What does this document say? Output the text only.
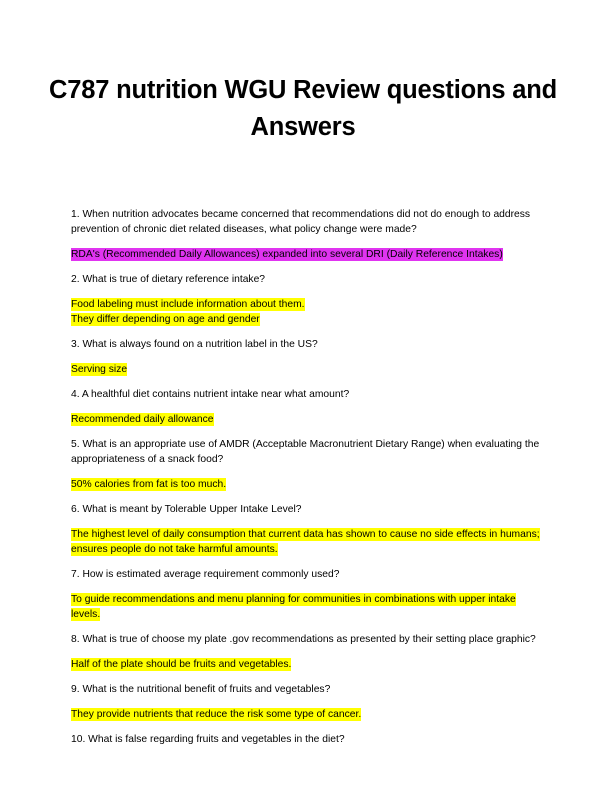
C787 nutrition WGU Review questions and Answers
1. When nutrition advocates became concerned that recommendations did not do enough to address prevention of chronic diet related diseases, what policy change were made?
RDA's (Recommended Daily Allowances) expanded into several DRI (Daily Reference Intakes)
2. What is true of dietary reference intake?
Food labeling must include information about them.
They differ depending on age and gender
3. What is always found on a nutrition label in the US?
Serving size
4. A healthful diet contains nutrient intake near what amount?
Recommended daily allowance
5. What is an appropriate use of AMDR (Acceptable Macronutrient Dietary Range) when evaluating the appropriateness of a snack food?
50% calories from fat is too much.
6. What is meant by Tolerable Upper Intake Level?
The highest level of daily consumption that current data has shown to cause no side effects in humans; ensures people do not take harmful amounts.
7. How is estimated average requirement commonly used?
To guide recommendations and menu planning for communities in combinations with upper intake levels.
8. What is true of choose my plate .gov recommendations as presented by their setting place graphic?
Half of the plate should be fruits and vegetables.
9. What is the nutritional benefit of fruits and vegetables?
They provide nutrients that reduce the risk some type of cancer.
10. What is false regarding fruits and vegetables in the diet?
